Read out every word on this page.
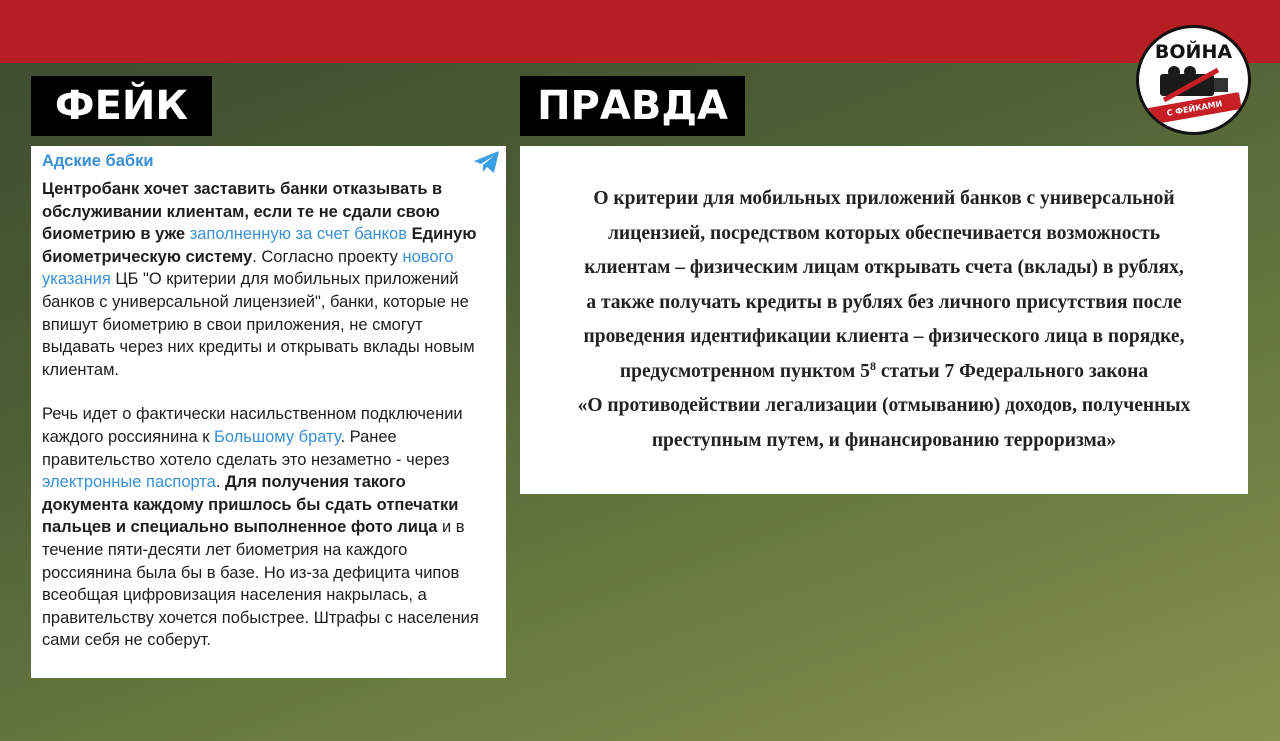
ВОЙНА
С ФЕЙКАМИ
ФЕЙК	ПРАВДА
Адские бабки

Центробанк хочет заставить банки отказывать в обслуживании клиентам, если те не сдали свою биометрию в уже заполненную за счет банков Единую биометрическую систему. Согласно проекту нового указания ЦБ "О критерии для мобильных приложений банков с универсальной лицензией", банки, которые не впишут биометрию в свои приложения, не смогут выдавать через них кредиты и открывать вклады новым клиентам.

Речь идет о фактически насильственном подключении каждого россиянина к Большому брату. Ранее правительство хотело сделать это незаметно - через электронные паспорта. Для получения такого документа каждому пришлось бы сдать отпечатки пальцев и специально выполненное фото лица и в течение пяти-десяти лет биометрия на каждого россиянина была бы в базе. Но из-за дефицита чипов всеобщая цифровизация населения накрылась, а правительству хочется побыстрее. Штрафы с населения сами себя не соберут.

О критерии для мобильных приложений банков с универсальной
лицензией, посредством которых обеспечивается возможность
клиентам – физическим лицам открывать счета (вклады) в рублях,
а также получать кредиты в рублях без личного присутствия после
проведения идентификации клиента – физического лица в порядке,
предусмотренном пунктом $5^8$ статьи 7 Федерального закона
«О противодействии легализации (отмыванию) доходов, полученных
преступным путем, и финансированию терроризма»
